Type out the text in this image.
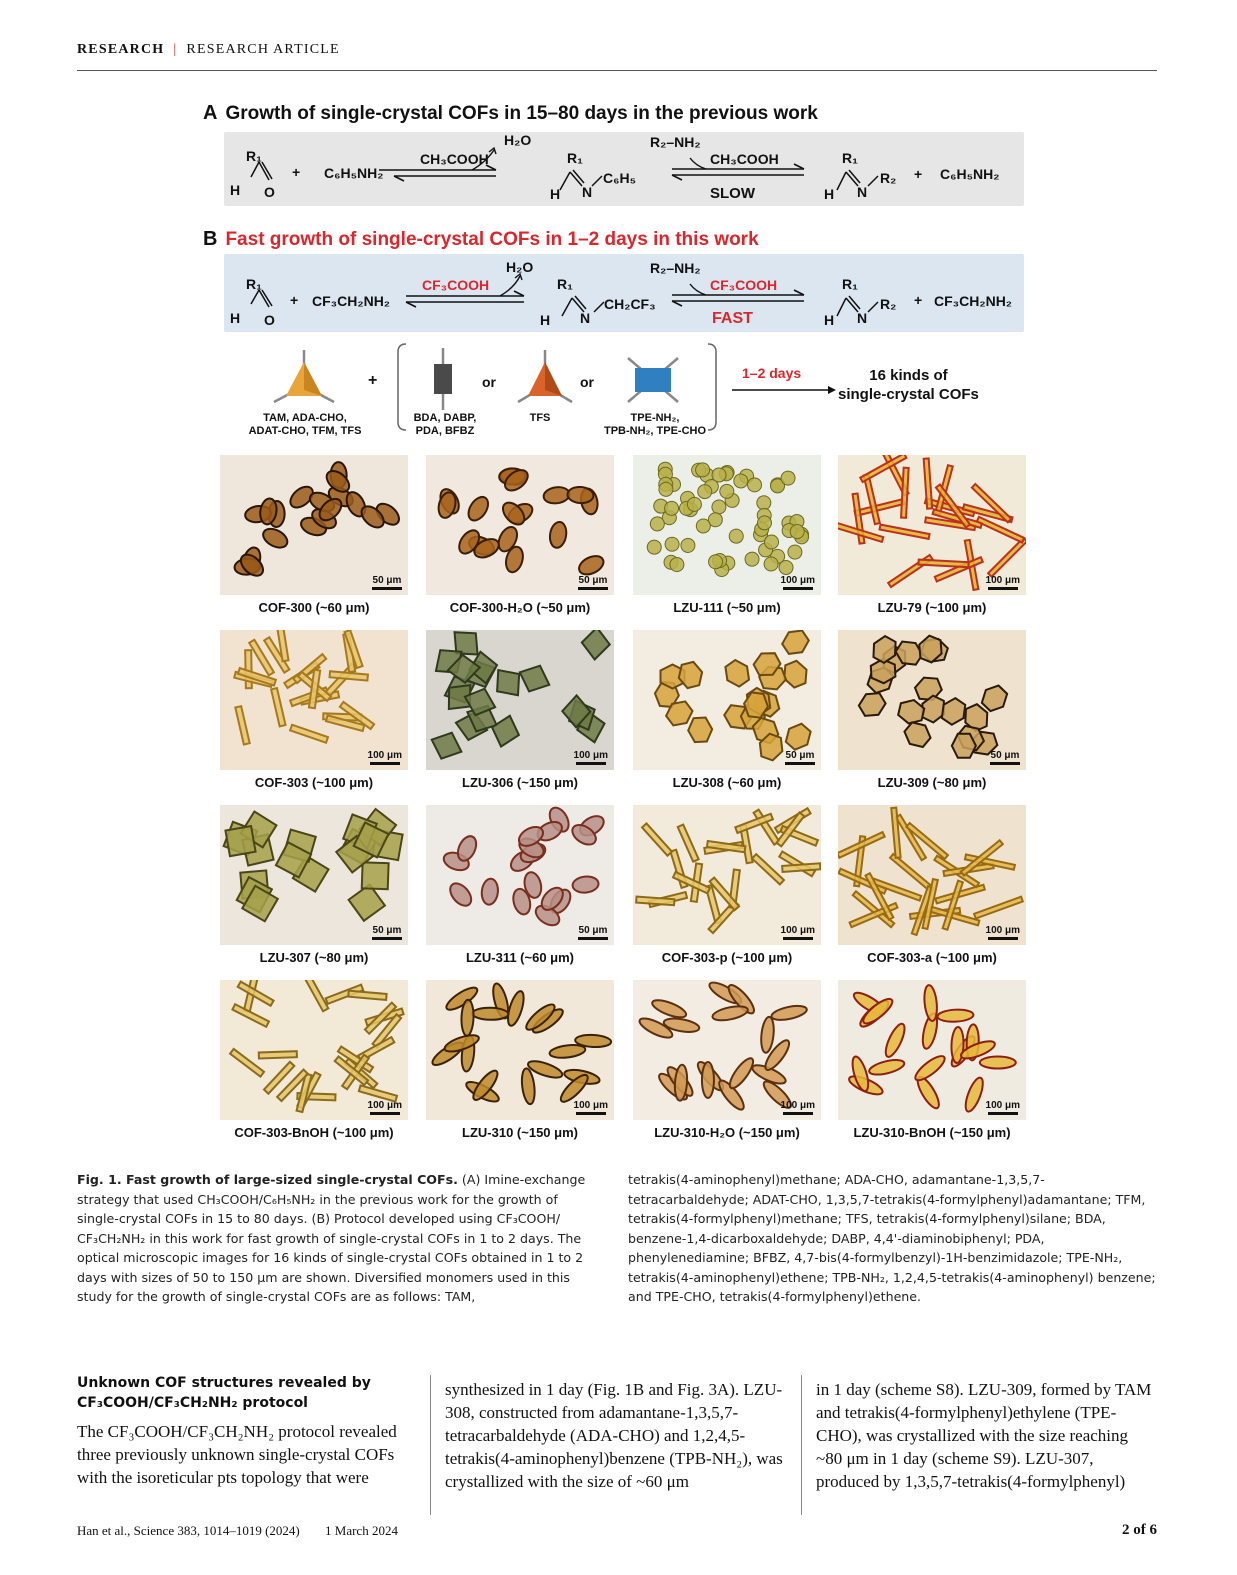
RESEARCH | RESEARCH ARTICLE
A Growth of single-crystal COFs in 15–80 days in the previous work
R₁
H O
+ C₆H₅NH₂
CH₃COOH
H₂O
R₁
H N
C₆H₅
R₂–NH₂
CH₃COOH
SLOW
R₁
H N
R₂ + C₆H₅NH₂
B Fast growth of single-crystal COFs in 1–2 days in this work
R₁
H O
+ CF₃CH₂NH₂
CF₃COOH
H₂O
R₁
H N
CH₂CF₃
R₂–NH₂
CF₃COOH
FAST
R₁
H N
R₂ + CF₃CH₂NH₂
TAM, ADA-CHO,
ADAT-CHO, TFM, TFS
+
BDA, DABP,
PDA, BFBZ
or
TFS
or
TPE-NH₂,
TPB-NH₂, TPE-CHO
1–2 days	16 kinds of
single-crystal COFs
50 μm
COF-300 (~60 μm)
50 μm
COF-300-H₂O (~50 μm)
100 μm
LZU-111 (~50 μm)
100 μm
LZU-79 (~100 μm)
100 μm
COF-303 (~100 μm)
100 μm
LZU-306 (~150 μm)
50 μm
LZU-308 (~60 μm)
50 μm
LZU-309 (~80 μm)
50 μm
LZU-307 (~80 μm)
50 μm
LZU-311 (~60 μm)
100 μm
COF-303-p (~100 μm)
100 μm
COF-303-a (~100 μm)
100 μm
COF-303-BnOH (~100 μm)
100 μm
LZU-310 (~150 μm)
100 μm
LZU-310-H₂O (~150 μm)
100 μm
LZU-310-BnOH (~150 μm)
Fig. 1. Fast growth of large-sized single-crystal COFs. (A) Imine-exchange strategy that used CH₃COOH/C₆H₅NH₂ in the previous work for the growth of single-crystal COFs in 15 to 80 days. (B) Protocol developed using CF₃COOH/ CF₃CH₂NH₂ in this work for fast growth of single-crystal COFs in 1 to 2 days. The optical microscopic images for 16 kinds of single-crystal COFs obtained in 1 to 2 days with sizes of 50 to 150 μm are shown. Diversified monomers used in this study for the growth of single-crystal COFs are as follows: TAM,
tetrakis(4-aminophenyl)methane; ADA-CHO, adamantane-1,3,5,7-tetracarbaldehyde; ADAT-CHO, 1,3,5,7-tetrakis(4-formylphenyl)adamantane; TFM, tetrakis(4-formylphenyl)methane; TFS, tetrakis(4-formylphenyl)silane; BDA, benzene-1,4-dicarboxaldehyde; DABP, 4,4'-diaminobiphenyl; PDA, phenylenediamine; BFBZ, 4,7-bis(4-formylbenzyl)-1H-benzimidazole; TPE-NH₂, tetrakis(4-aminophenyl)ethene; TPB-NH₂, 1,2,4,5-tetrakis(4-aminophenyl) benzene; and TPE-CHO, tetrakis(4-formylphenyl)ethene.
Unknown COF structures revealed by CF₃COOH/CF₃CH₂NH₂ protocol
The CF₃COOH/CF₃CH₂NH₂ protocol revealed three previously unknown single-crystal COFs with the isoreticular pts topology that were
synthesized in 1 day (Fig. 1B and Fig. 3A). LZU-308, constructed from adamantane-1,3,5,7-tetracarbaldehyde (ADA-CHO) and 1,2,4,5-tetrakis(4-aminophenyl)benzene (TPB-NH₂), was crystallized with the size of ~60 μm
in 1 day (scheme S8). LZU-309, formed by TAM and tetrakis(4-formylphenyl)ethylene (TPE-CHO), was crystallized with the size reaching ~80 μm in 1 day (scheme S9). LZU-307, produced by 1,3,5,7-tetrakis(4-formylphenyl)
Han et al., Science 383, 1014–1019 (2024) 1 March 2024	2 of 6
